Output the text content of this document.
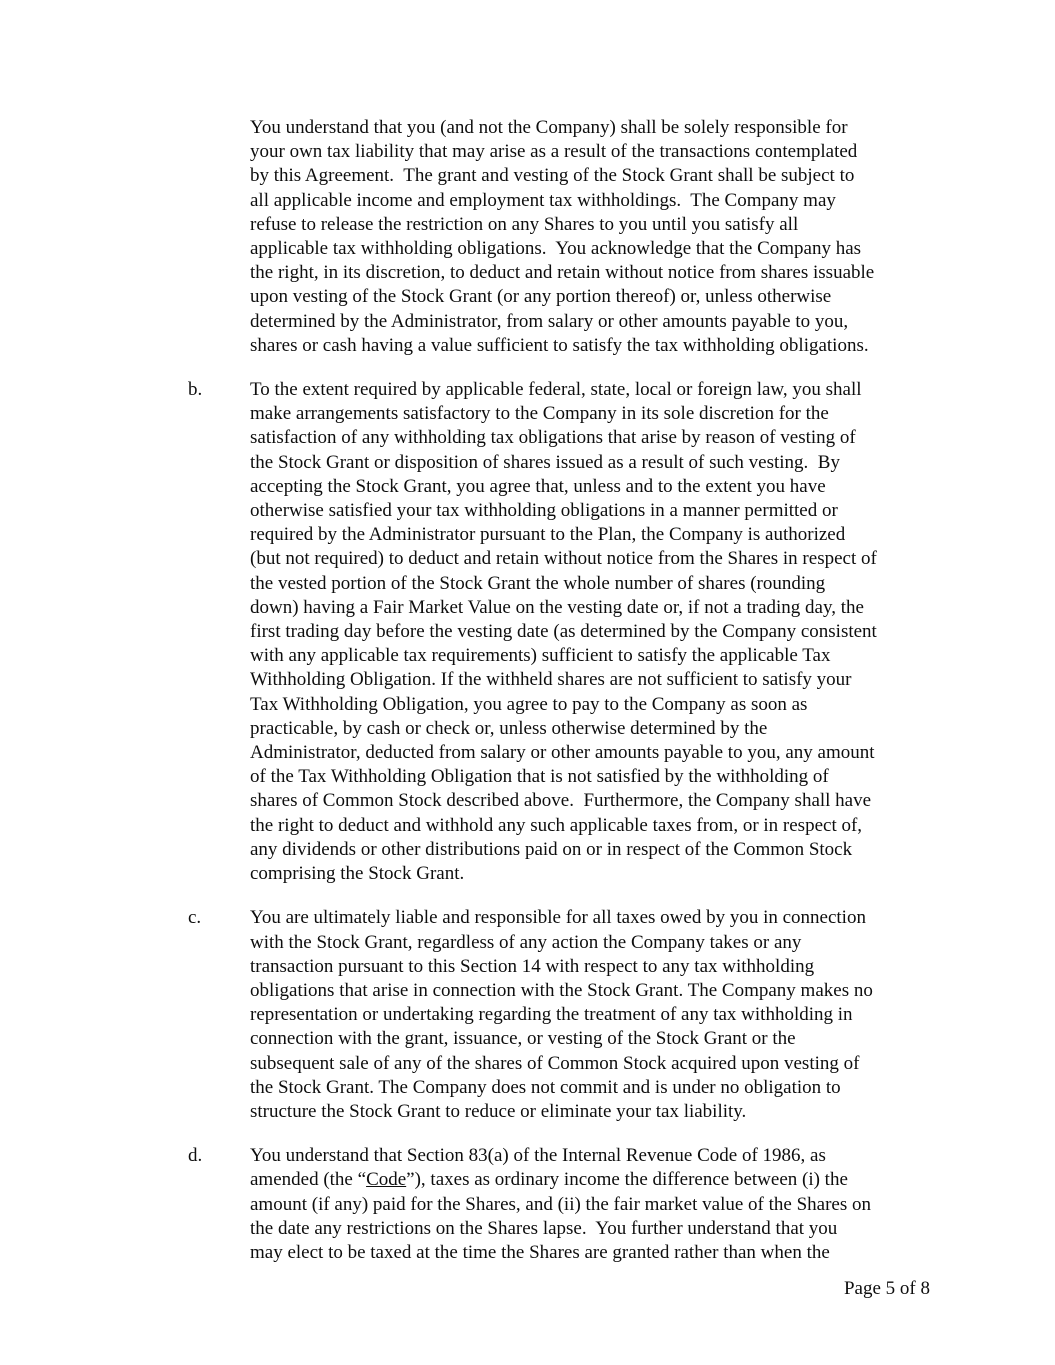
You understand that you (and not the Company) shall be solely responsible for
your own tax liability that may arise as a result of the transactions contemplated
by this Agreement.  The grant and vesting of the Stock Grant shall be subject to
all applicable income and employment tax withholdings.  The Company may
refuse to release the restriction on any Shares to you until you satisfy all
applicable tax withholding obligations.  You acknowledge that the Company has
the right, in its discretion, to deduct and retain without notice from shares issuable
upon vesting of the Stock Grant (or any portion thereof) or, unless otherwise
determined by the Administrator, from salary or other amounts payable to you,
shares or cash having a value sufficient to satisfy the tax withholding obligations.
b.	To the extent required by applicable federal, state, local or foreign law, you shall
make arrangements satisfactory to the Company in its sole discretion for the
satisfaction of any withholding tax obligations that arise by reason of vesting of
the Stock Grant or disposition of shares issued as a result of such vesting.  By
accepting the Stock Grant, you agree that, unless and to the extent you have
otherwise satisfied your tax withholding obligations in a manner permitted or
required by the Administrator pursuant to the Plan, the Company is authorized
(but not required) to deduct and retain without notice from the Shares in respect of
the vested portion of the Stock Grant the whole number of shares (rounding
down) having a Fair Market Value on the vesting date or, if not a trading day, the
first trading day before the vesting date (as determined by the Company consistent
with any applicable tax requirements) sufficient to satisfy the applicable Tax
Withholding Obligation. If the withheld shares are not sufficient to satisfy your
Tax Withholding Obligation, you agree to pay to the Company as soon as
practicable, by cash or check or, unless otherwise determined by the
Administrator, deducted from salary or other amounts payable to you, any amount
of the Tax Withholding Obligation that is not satisfied by the withholding of
shares of Common Stock described above.  Furthermore, the Company shall have
the right to deduct and withhold any such applicable taxes from, or in respect of,
any dividends or other distributions paid on or in respect of the Common Stock
comprising the Stock Grant.
c.	You are ultimately liable and responsible for all taxes owed by you in connection
with the Stock Grant, regardless of any action the Company takes or any
transaction pursuant to this Section 14 with respect to any tax withholding
obligations that arise in connection with the Stock Grant. The Company makes no
representation or undertaking regarding the treatment of any tax withholding in
connection with the grant, issuance, or vesting of the Stock Grant or the
subsequent sale of any of the shares of Common Stock acquired upon vesting of
the Stock Grant. The Company does not commit and is under no obligation to
structure the Stock Grant to reduce or eliminate your tax liability.
d.	You understand that Section 83(a) of the Internal Revenue Code of 1986, as
amended (the “Code”), taxes as ordinary income the difference between (i) the
amount (if any) paid for the Shares, and (ii) the fair market value of the Shares on
the date any restrictions on the Shares lapse.  You further understand that you
may elect to be taxed at the time the Shares are granted rather than when the
Page 5 of 8
